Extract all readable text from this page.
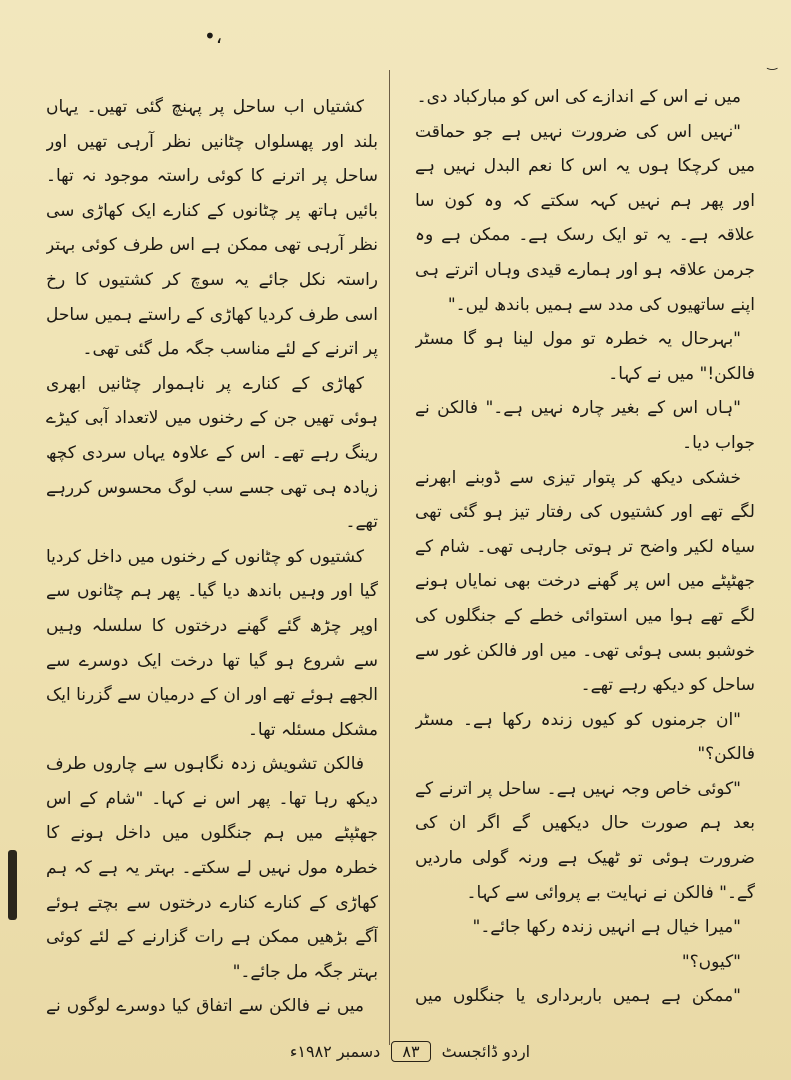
•،
‿

میں نے اس کے اندازے کی اس کو مبارکباد دی۔

"نہیں اس کی ضرورت نہیں ہے جو حماقت میں کرچکا ہوں یہ اس کا نعم البدل نہیں ہے اور پھر ہم نہیں کہہ سکتے کہ وہ کون سا علاقہ ہے۔ یہ تو ایک رسک ہے۔ ممکن ہے وہ جرمن علاقہ ہو اور ہمارے قیدی وہاں اترتے ہی اپنے ساتھیوں کی مدد سے ہمیں باندھ لیں۔"

"بہرحال یہ خطرہ تو مول لینا ہو گا مسٹر فالکن!" میں نے کہا۔

"ہاں اس کے بغیر چارہ نہیں ہے۔" فالکن نے جواب دیا۔

خشکی دیکھ کر پتوار تیزی سے ڈوبنے ابھرنے لگے تھے اور کشتیوں کی رفتار تیز ہو گئی تھی سیاہ لکیر واضح تر ہوتی جارہی تھی۔ شام کے جھٹپٹے میں اس پر گھنے درخت بھی نمایاں ہونے لگے تھے ہوا میں استوائی خطے کے جنگلوں کی خوشبو بسی ہوئی تھی۔ میں اور فالکن غور سے ساحل کو دیکھ رہے تھے۔

"ان جرمنوں کو کیوں زندہ رکھا ہے۔ مسٹر فالکن؟"

"کوئی خاص وجہ نہیں ہے۔ ساحل پر اترنے کے بعد ہم صورت حال دیکھیں گے اگر ان کی ضرورت ہوئی تو ٹھیک ہے ورنہ گولی ماردیں گے۔" فالکن نے نہایت بے پروائی سے کہا۔

"میرا خیال ہے انہیں زندہ رکھا جائے۔"

"کیوں؟"

"ممکن ہے ہمیں باربرداری یا جنگلوں میں

کشتیاں اب ساحل پر پہنچ گئی تھیں۔ یہاں بلند اور پھسلواں چٹانیں نظر آرہی تھیں اور ساحل پر اترنے کا کوئی راستہ موجود نہ تھا۔ بائیں ہاتھ پر چٹانوں کے کنارے ایک کھاڑی سی نظر آرہی تھی ممکن ہے اس طرف کوئی بہتر راستہ نکل جائے یہ سوچ کر کشتیوں کا رخ اسی طرف کردیا کھاڑی کے راستے ہمیں ساحل پر اترنے کے لئے مناسب جگہ مل گئی تھی۔

کھاڑی کے کنارے پر ناہموار چٹانیں ابھری ہوئی تھیں جن کے رخنوں میں لاتعداد آبی کیڑے رینگ رہے تھے۔ اس کے علاوہ یہاں سردی کچھ زیادہ ہی تھی جسے سب لوگ محسوس کررہے تھے۔

کشتیوں کو چٹانوں کے رخنوں میں داخل کردیا گیا اور وہیں باندھ دیا گیا۔ پھر ہم چٹانوں سے اوپر چڑھ گئے گھنے درختوں کا سلسلہ وہیں سے شروع ہو گیا تھا درخت ایک دوسرے سے الجھے ہوئے تھے اور ان کے درمیان سے گزرنا ایک مشکل مسئلہ تھا۔

فالکن تشویش زدہ نگاہوں سے چاروں طرف دیکھ رہا تھا۔ پھر اس نے کہا۔ "شام کے اس جھٹپٹے میں ہم جنگلوں میں داخل ہونے کا خطرہ مول نہیں لے سکتے۔ بہتر یہ ہے کہ ہم کھاڑی کے کنارے کنارے درختوں سے بچتے ہوئے آگے بڑھیں ممکن ہے رات گزارنے کے لئے کوئی بہتر جگہ مل جائے۔"

میں نے فالکن سے اتفاق کیا دوسرے لوگوں نے

اردو ڈائجسٹ ۸۳ دسمبر ۱۹۸۲ء
